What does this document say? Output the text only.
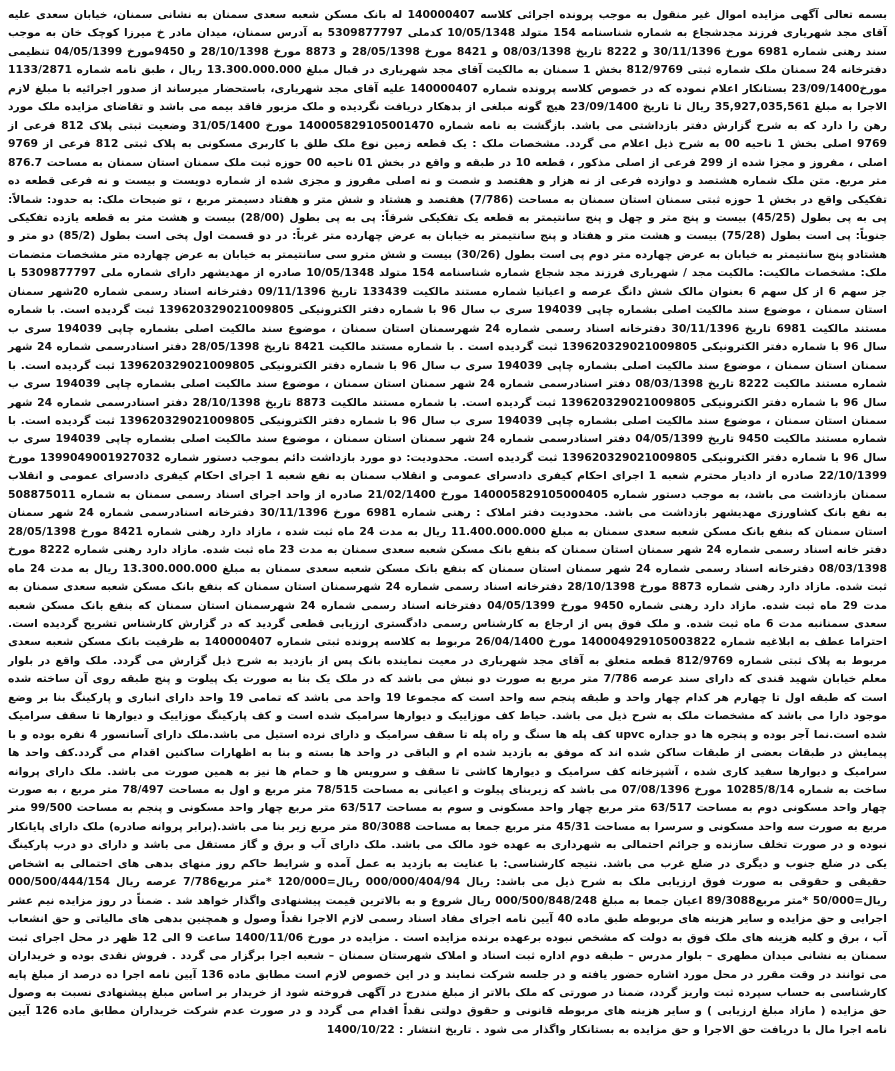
بسمه تعالی آگهی مزایده اموال غیر منقول به موجب پرونده اجرائی کلاسه 140000407 له بانک مسکن شعبه سعدی سمنان به نشانی سمنان، خیابان سعدی علیه آقای مجد شهریاری فرزند مجدشجاع به شماره شناسنامه 154 متولد 10/05/1348 کدملی 5309877797 به آدرس سمنان، میدان مادر خ میرزا کوچک خان به موجب سند رهنی شماره 6981 مورخ 30/11/1396 و 8222 تاریخ 08/03/1398 و 8421 مورخ 28/05/1398 و 8873 مورخ 28/10/1398 و 9450مورخ 04/05/1399 تنظیمی دفترخانه 24 سمنان ملک شماره ثبتی 812/9769 بخش 1 سمنان به مالکیت آقای مجد شهریاری در قبال مبلغ 13.300.000.000 ریال ، طبق نامه شماره 1133/2871 مورخ23/09/1400 بستانکار اعلام نموده که در خصوص کلاسه پرونده شماره 140000407 علیه آقای مجد شهریاری، باستحضار میرساند از صدور اجرائیه با مبلغ لازم الاجرا به مبلغ 35,927,035,561 ریال تا تاریخ 23/09/1400 هیچ گونه مبلغی از بدهکار دریافت نگردیده و ملک مزبور فاقد بیمه می باشد و تقاضای مزایده ملک مورد رهن را دارد که به شرح گزارش دفتر بازداشتی می باشد. بازگشت به نامه شماره 140005829105001470 مورخ 31/05/1400 وضعیت ثبتی پلاک 812 فرعی از 9769 اصلی بخش 1 ناحیه 00 به شرح ذیل اعلام می گردد. مشخصات ملک : یک قطعه زمین نوع ملک طلق با کاربری مسکونی به پلاک ثبتی 812 فرعی از 9769 اصلی ، مفروز و مجزا شده از 299 فرعی از اصلی مذکور ، قطعه 10 در طبقه و واقع در بخش 01 ناحیه 00 حوزه ثبت ملک سمنان استان سمنان به مساحت 876.7 متر مربع. متن ملک شماره هشتصد و دوازده فرعی از نه هزار و هفتصد و شصت و نه اصلی مفروز و مجزی شده از شماره دویست و بیست و نه فرعی قطعه ده تفکیکی واقع در بخش 1 حوزه ثبتی سمنان استان سمنان به مساحت (7/786) هفتصد و هشتاد و شش متر و هفتاد دسیمتر مربع ، تو ضیحات ملک: به حدود: شمالاً: پی به پی بطول (45/25) بیست و پنج متر و چهل و پنج سانتیمتر به قطعه یک تفکیکی شرقاً: پی به پی بطول (28/00) بیست و هشت متر به قطعه یازده تفکیکی جنوباً: پی است بطول (75/28) بیست و هشت متر و هفتاد و پنج سانتیمتر به خیابان به عرض چهارده متر غرباً: در دو قسمت اول پخی است بطول (85/2) دو متر و هشتادو پنج سانتیمتر به خیابان به عرض چهارده متر دوم پی است بطول (30/26) بیست و شش مترو سی سانتیمتر به خیابان به عرض چهارده متر مشخصات متضمات ملک: مشخصات مالکیت: مالکیت مجد / شهریاری فرزند مجد شجاع شماره شناسنامه 154 متولد 10/05/1348 صادره از مهدیشهر دارای شماره ملی 5309877797 با جز سهم 6 از کل سهم 6 بعنوان مالک شش دانگ عرصه و اعیانیا شماره مستند مالکیت 133439 تاریخ 09/11/1396 دفترخانه اسناد رسمی شماره 20شهر سمنان استان سمنان ، موضوع سند مالکیت اصلی بشماره چاپی 194039 سری ب سال 96 با شماره دفتر الکترونیکی 139620329021009805 ثبت گردیده است. با شماره مستند مالکیت 6981 تاریخ 30/11/1396 دفترخانه اسناد رسمی شماره 24 شهرسمنان استان سمنان ، موضوع سند مالکیت اصلی بشماره چاپی 194039 سری ب سال 96 با شماره دفتر الکترونیکی 139620329021009805 ثبت گردیده است . با شماره مستند مالکیت 8421 تاریخ 28/05/1398 دفتر اسنادرسمی شماره 24 شهر سمنان استان سمنان ، موضوع سند مالکیت اصلی بشماره چاپی 194039 سری ب سال 96 با شماره دفتر الکترونیکی 139620329021009805 ثبت گردیده است. با شماره مستند مالکیت 8222 تاریخ 08/03/1398 دفتر اسنادرسمی شماره 24 شهر سمنان استان سمنان ، موضوع سند مالکیت اصلی بشماره چاپی 194039 سری ب سال 96 با شماره دفتر الکترونیکی 139620329021009805 ثبت گردیده است. با شماره مستند مالکیت 8873 تاریخ 28/10/1398 دفتر اسنادرسمی شماره 24 شهر سمنان استان سمنان ، موضوع سند مالکیت اصلی بشماره چاپی 194039 سری ب سال 96 با شماره دفتر الکترونیکی 139620329021009805 ثبت گردیده است. با شماره مستند مالکیت 9450 تاریخ 04/05/1399 دفتر اسنادرسمی شماره 24 شهر سمنان استان سمنان ، موضوع سند مالکیت اصلی بشماره چاپی 194039 سری ب سال 96 با شماره دفتر الکترونیکی 139620329021009805 ثبت گردیده است. محدودیت: دو مورد بازداشت دائم بموجب دستور شماره 1399049001927032 مورخ 22/10/1399 صادره از دادیار محترم شعبه 1 اجرای احکام کیفری دادسرای عمومی و انقلاب سمنان به نفع شعبه 1 اجرای احکام کیفری دادسرای عمومی و انقلاب سمنان بازداشت می باشد، به موجب دستور شماره 140005829105000405 مورخ 21/02/1400 صادره از واحد اجرای اسناد رسمی سمنان به شماره 508875011 به نفع بانک کشاورزی مهدیشهر بازداشت می باشد. محدودیت دفتر املاک : رهنی شماره 6981 مورخ 30/11/1396 دفترخانه اسنادرسمی شماره 24 شهر سمنان استان سمنان که بنفع بانک مسکن شعبه سعدی سمنان به مبلغ 11.400.000.000 ریال به مدت 24 ماه ثبت شده ، مازاد دارد رهنی شماره 8421 مورخ 28/05/1398 دفتر خانه اسناد رسمی شماره 24 شهر سمنان استان سمنان که بنفع بانک مسکن شعبه سعدی سمنان به مدت 23 ماه ثبت شده. مازاد دارد رهنی شماره 8222 مورخ 08/03/1398 دفترخانه اسناد رسمی شماره 24 شهر سمنان استان سمنان که بنفع بانک مسکن شعبه سعدی سمنان به مبلغ 13.300.000.000 ریال به مدت 24 ماه ثبت شده. مازاد دارد رهنی شماره 8873 مورخ 28/10/1398 دفترخانه اسناد رسمی شماره 24 شهرسمنان استان سمنان که بنفع بانک مسکن شعبه سعدی سمنان به مدت 29 ماه ثبت شده. مازاد دارد رهنی شماره 9450 مورخ 04/05/1399 دفترخانه اسناد رسمی شماره 24 شهرسمنان استان سمنان که بنفع بانک مسکن شعبه سعدی سمنانبه مدت 6 ماه ثبت شده. و ملک فوق پس از ارجاع به کارشناس رسمی دادگستری ارزیابی قطعی گردید که در گزارش کارشناس تشریح گردیده است. احتراما عطف به ابلاغیه شماره 140004929105003822 مورخ 26/04/1400 مربوط به کلاسه پرونده ثبتی شماره 140000407 به ظرفیت بانک مسکن شعبه سعدی مربوط به پلاک ثبتی شماره 812/9769 قطعه متعلق به آقای مجد شهریاری در معیت نماینده بانک پس از بازدید به شرح ذیل گزارش می گردد. ملک واقع در بلوار معلم خیابان شهید قندی که دارای سند عرصه 7/786 متر مربع به صورت دو نبش می باشد که در ملک یک بنا به صورت یک پیلوت و پنج طبقه روی آن ساخته شده است که طبقه اول تا چهارم هر کدام چهار واحد و طبقه پنجم سه واحد است که مجموعا 19 واحد می باشد که تمامی 19 واحد دارای انباری و پارکینگ بنا بر وضع موجود دارا می باشد که مشخصات ملک به شرح ذیل می باشد. حیاط کف موزاییک و دیوارها سرامیک شده است و کف پارکینگ موزاییک و دیوارها تا سقف سرامیک شده است.نما آجر بوده و پنجره ها دو جداره upvc کف پله ها سنگ و راه پله تا سقف سرامیک و دارای نرده استیل می باشد.ملک دارای آسانسور 4 نفره بوده و با پیمایش در طبقات بعضی از طبقات ساکن شده اند که موفق به بازدید شده ام و الباقی در واحد ها بسته و بنا به اظهارات ساکنین اقدام می گردد.کف واحد ها سرامیک و دیوارها سفید کاری شده ، آشپزخانه کف سرامیک و دیوارها کاشی تا سقف و سرویس ها و حمام ها نیز به همین صورت می باشد. ملک دارای پروانه ساخت به شماره 10285/8/14 مورخ 07/08/1396 می باشد که زیربنای پیلوت و اعیانی به مساحت 78/515 متر مربع و اول به مساحت 78/497 متر مربع ، به صورت چهار واحد مسکونی دوم به مساحت 63/517 متر مربع چهار واحد مسکونی و سوم به مساحت 63/517 متر مربع چهار واحد مسکونی و پنجم به مساحت 99/500 متر مربع به صورت سه واحد مسکونی و سرسرا به مساحت 45/31 متر مربع جمعا به مساحت 80/3088 متر مربع زیر بنا می باشد.(برابر پروانه صادره) ملک دارای پایانکار نبوده و در صورت تخلف سازنده و جرائم احتمالی به شهرداری به عهده خود مالک می باشد. ملک دارای آب و برق و گاز مستقل می باشد و دارای دو درب پارکینگ یکی در ضلع جنوب و دیگری در ضلع غرب می باشد. نتیجه کارشناسی: با عنایت به بازدید به عمل آمده و شرایط حاکم روز منهای بدهی های احتمالی به اشخاص حقیقی و حقوقی به صورت فوق ارزیابی ملک به شرح ذیل می باشد: ریال 000/000/404/94 ریال=120/000 *متر مربع7/786 عرصه ریال 000/500/444/154 ریال=50/000 *متر مربع89/3088 اعیان جمعا به مبلغ 000/500/848/248 ریال شروع و به بالاترین قیمت پیشنهادی واگذار خواهد شد . ضمناً در روز مزایده نیم عشر اجرایی و حق مزایده و سایر هزینه های مربوطه طبق ماده 40 آیین نامه اجرای مفاد اسناد رسمی لازم الاجرا نقداً وصول و همچنین بدهی های مالیاتی و حق انشعاب آب ، برق و کلیه هزینه های ملک فوق به دولت که مشخص نبوده برعهده برنده مزایده است . مزایده در مورخ 1400/11/06 ساعت 9 الی 12 ظهر در محل اجرای ثبت سمنان به نشانی میدان مطهری – بلوار مدرس – طبقه دوم اداره ثبت اسناد و املاک شهرستان سمنان – شعبه اجرا برگزار می گردد . فروش نقدی بوده و خریداران می توانند در وقت مقرر در محل مورد اشاره حضور یافته و در جلسه شرکت نمایند و در این خصوص لازم است مطابق ماده 136 آیین نامه اجرا ده درصد از مبلغ پایه کارشناسی به حساب سپرده ثبت واریز گردد، ضمنا در صورتی که ملک بالاتر از مبلغ مندرج در آگهی فروخته شود از خریدار بر اساس مبلغ پیشنهادی نسبت به وصول حق مزایده ( مازاد مبلغ ارزیابی ) و سایر هزینه های مربوطه قانونی و حقوق دولتی نقداً اقدام می گردد و در صورت عدم شرکت خریداران مطابق ماده 126 آیین نامه اجرا مال با دریافت حق الاجرا و حق مزایده به بستانکار واگذار می شود . تاریخ انتشار : 1400/10/22
